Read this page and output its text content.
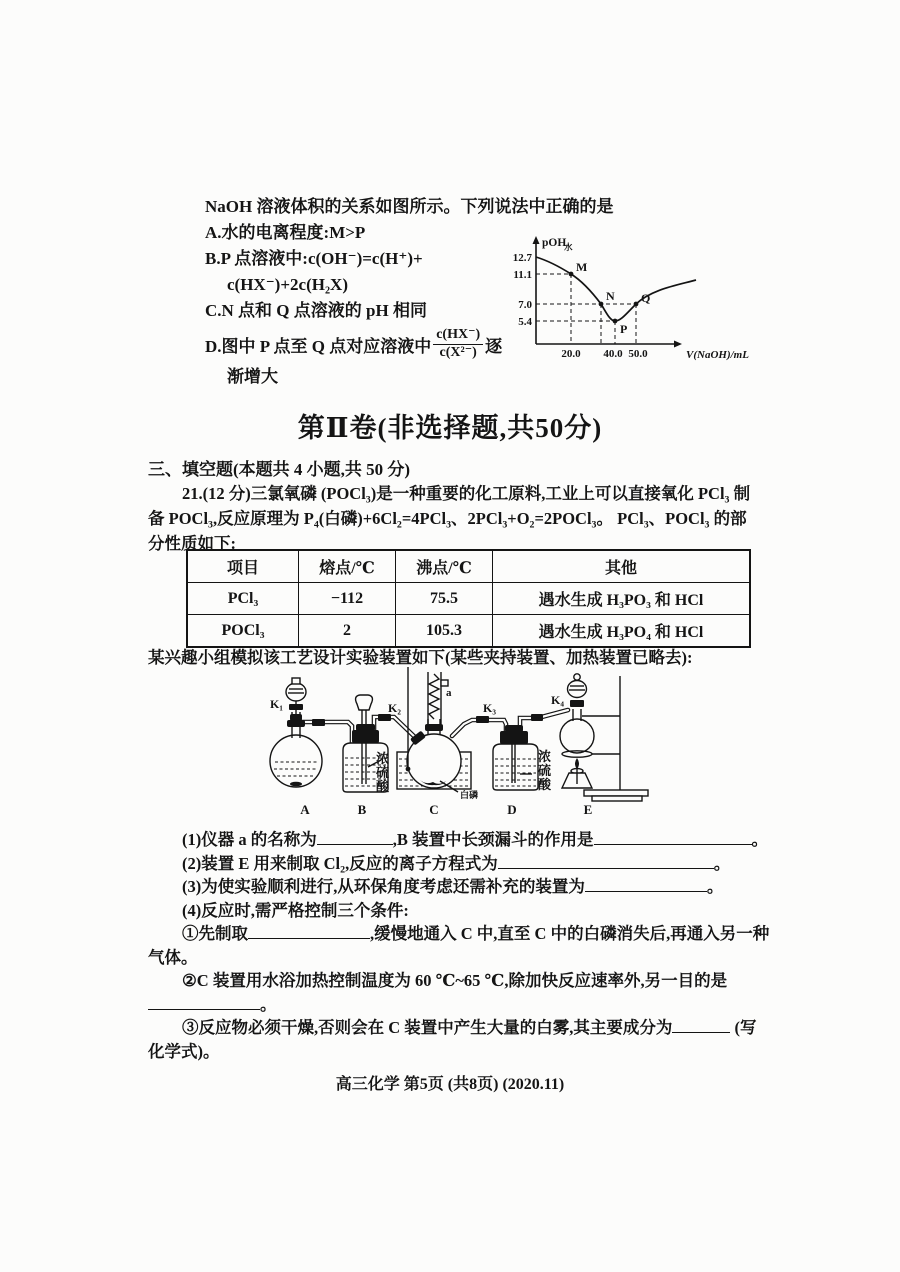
NaOH 溶液体积的关系如图所示。下列说法中正确的是
A.水的电离程度:M>P
B.P 点溶液中:c(OH⁻)=c(H⁺)+
c(HX⁻)+2c(H₂X)
C.N 点和 Q 点溶液的 pH 相同
D.图中 P 点至 Q 点对应溶液中 $\frac{c(HX^-)}{\text{c(X²⁻)}}$ 逐
渐增大
M
N
P
Q
12.7
11.1
7.0
5.4
20.0 40.0 50.0
pOH
水
V(NaOH)/mL
第Ⅱ卷(非选择题,共50分)
三、填空题(本题共 4 小题,共 50 分)
21.(12 分)三氯氧磷 (POCl₃)是一种重要的化工原料,工业上可以直接氧化 PCl₃ 制
备 POCl₃,反应原理为 P₄(白磷)+6Cl₂=4PCl₃、2PCl₃+O₂=2POCl₃。 PCl₃、POCl₃ 的部
分性质如下:
项目	熔点/℃	沸点/℃	其他
PCl₃	−112	75.5	遇水生成 H₃PO₃ 和 HCl
POCl₃	2	105.3	遇水生成 H₃PO₄ 和 HCl
某兴趣小组模拟该工艺设计实验装置如下(某些夹持装置、加热装置已略去):
K₁	K₂
浓
硫
酸
a
K₃
白磷
浓
硫
酸
K₄
A	B	C	D	E
(1)仪器 a 的名称为	,B 装置中长颈漏斗的作用是	。
(2)装置 E 用来制取 Cl₂,反应的离子方程式为	。
(3)为使实验顺利进行,从环保角度考虑还需补充的装置为	。
(4)反应时,需严格控制三个条件:
①先制取	,缓慢地通入 C 中,直至 C 中的白磷消失后,再通入另一种
气体。
②C 装置用水浴加热控制温度为 60 ℃~65 ℃,除加快反应速率外,另一目的是
。
③反应物必须干燥,否则会在 C 装置中产生大量的白雾,其主要成分为	(写
化学式)。
高三化学 第5页 (共8页) (2020.11)
